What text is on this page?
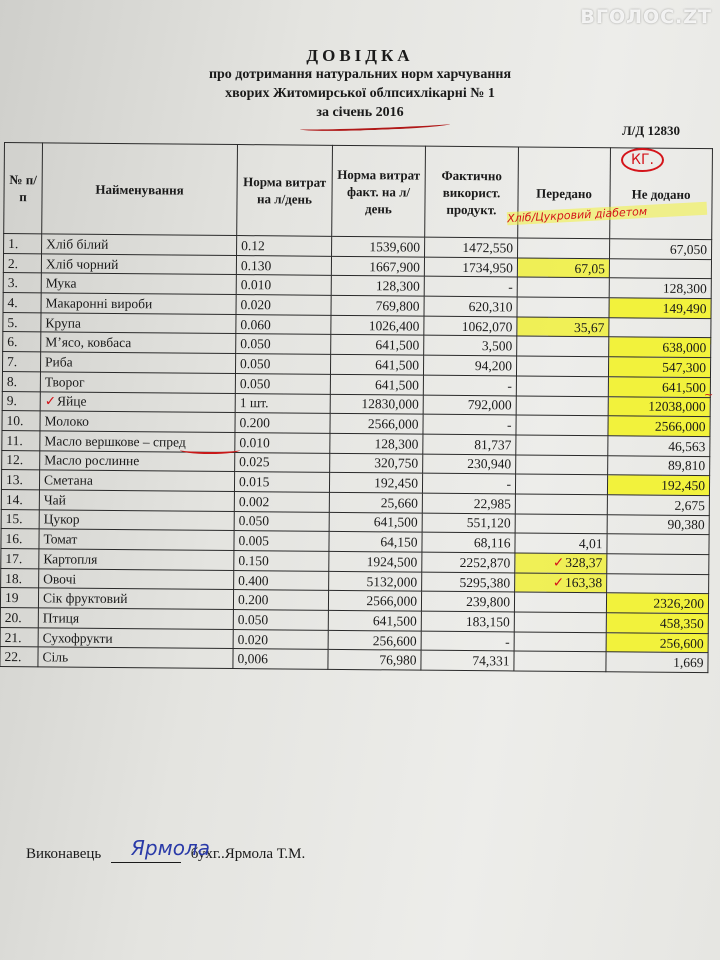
ВГОЛОС.ZT
ДОВІДКА
про дотримання натуральних норм харчування
хворих Житомирської облпсихлікарні № 1
за січень 2016
Л/Д 12830
№ п/п	Найменування	Норма витрат на л/день	Норма витрат факт. на л/день	Фактично використ. продукт.	Передано	Не додано
1.	Хліб білий	0.12	1539,600	1472,550		67,050
2.	Хліб чорний	0.130	1667,900	1734,950	67,05	
3.	Мука	0.010	128,300	-		128,300
4.	Макаронні вироби	0.020	769,800	620,310		149,490
5.	Крупа	0.060	1026,400	1062,070	35,67	
6.	М’ясо, ковбаса	0.050	641,500	3,500		638,000
7.	Риба	0.050	641,500	94,200		547,300
8.	Творог	0.050	641,500	-		641,500
9.	✓Яйце	1 шт.	12830,000	792,000		12038,000
10.	Молоко	0.200	2566,000	-		2566,000
11.	Масло вершкове – спред	0.010	128,300	81,737		46,563
12.	Масло рослинне	0.025	320,750	230,940		89,810
13.	Сметана	0.015	192,450	-		192,450
14.	Чай	0.002	25,660	22,985		2,675
15.	Цукор	0.050	641,500	551,120		90,380
16.	Томат	0.005	64,150	68,116	4,01	
17.	Картопля	0.150	1924,500	2252,870	✓328,37	
18.	Овочі	0.400	5132,000	5295,380	✓163,38	
19	Сік фруктовий	0.200	2566,000	239,800		2326,200
20.	Птиця	0.050	641,500	183,150		458,350
21.	Сухофрукти	0.020	256,600	-		256,600
22.	Сіль	0,006	76,980	74,331		1,669
КГ.
Хліб/Цукровий діабетом
~
Виконавець Ярмола
бухг..Ярмола Т.М.
